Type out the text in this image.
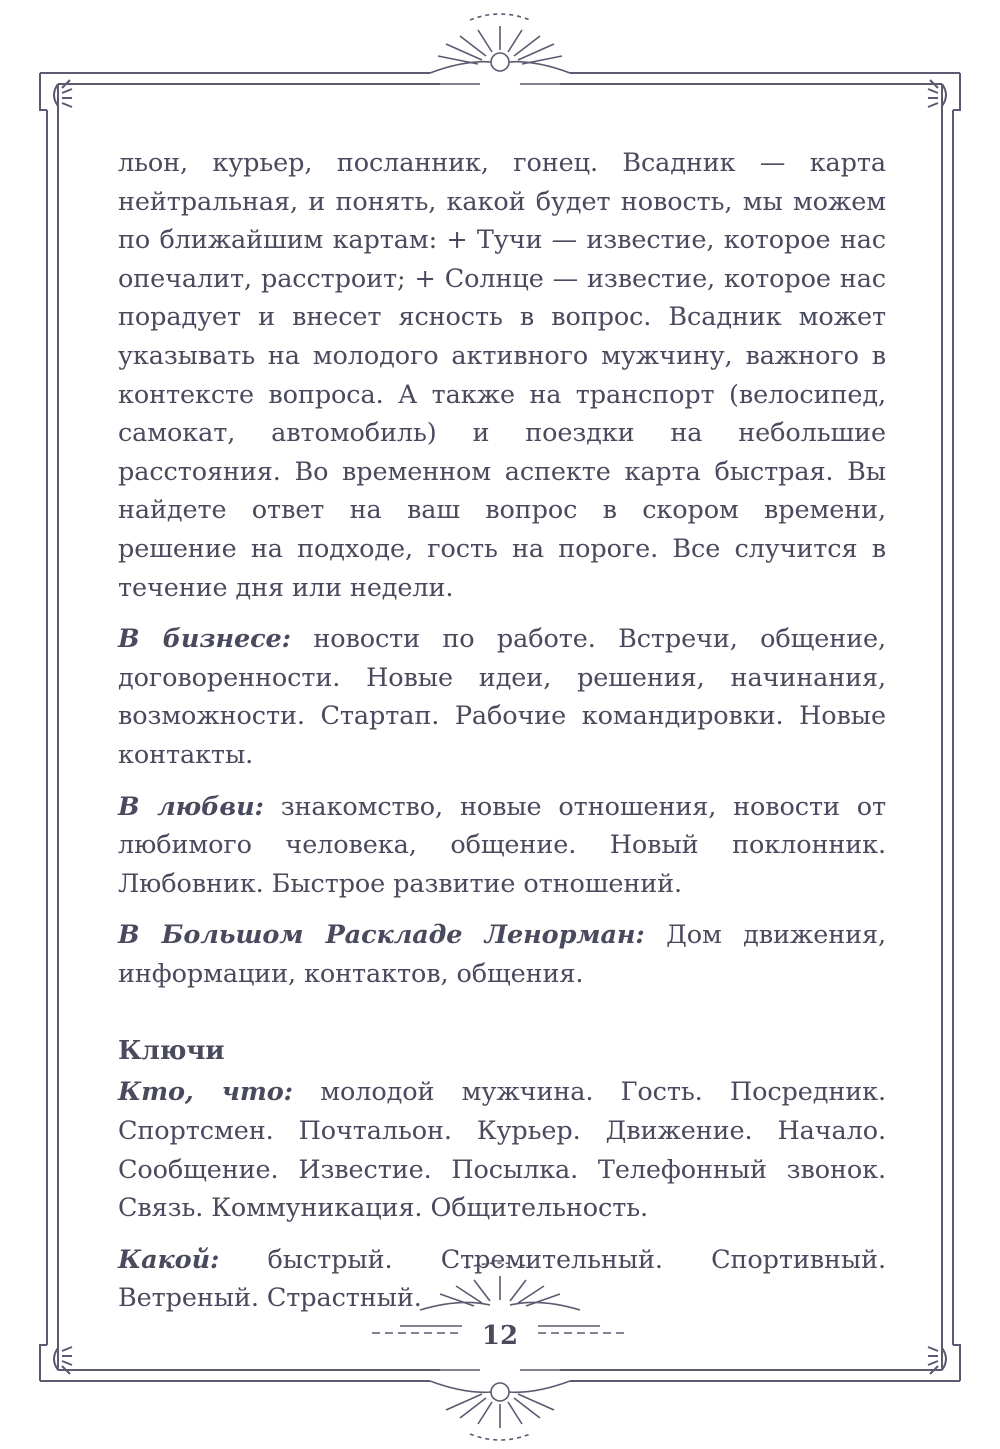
льон, курьер, посланник, гонец. Всадник — карта нейтральная, и понять, какой будет новость, мы можем по ближайшим картам: + Тучи — известие, которое нас опечалит, расстроит; + Солнце — известие, которое нас порадует и внесет ясность в вопрос. Всадник может указывать на молодого активного мужчину, важного в контексте вопроса. А также на транспорт (велосипед, самокат, автомобиль) и поездки на небольшие расстояния. Во временном аспекте карта быстрая. Вы найдете ответ на ваш вопрос в скором времени, решение на подходе, гость на пороге. Все случится в течение дня или недели.

В бизнесе: новости по работе. Встречи, общение, договоренности. Новые идеи, решения, начинания, возможности. Стартап. Рабочие командировки. Новые контакты.

В любви: знакомство, новые отношения, новости от любимого человека, общение. Новый поклонник. Любовник. Быстрое развитие отношений.

В Большом Раскладе Ленорман: Дом движения, информации, контактов, общения.

Ключи

Кто, что: молодой мужчина. Гость. Посредник. Спортсмен. Почтальон. Курьер. Движение. Начало. Сообщение. Известие. Посылка. Телефонный звонок. Связь. Коммуникация. Общительность.

Какой: быстрый. Стремительный. Спортивный. Ветреный. Страстный.

12
